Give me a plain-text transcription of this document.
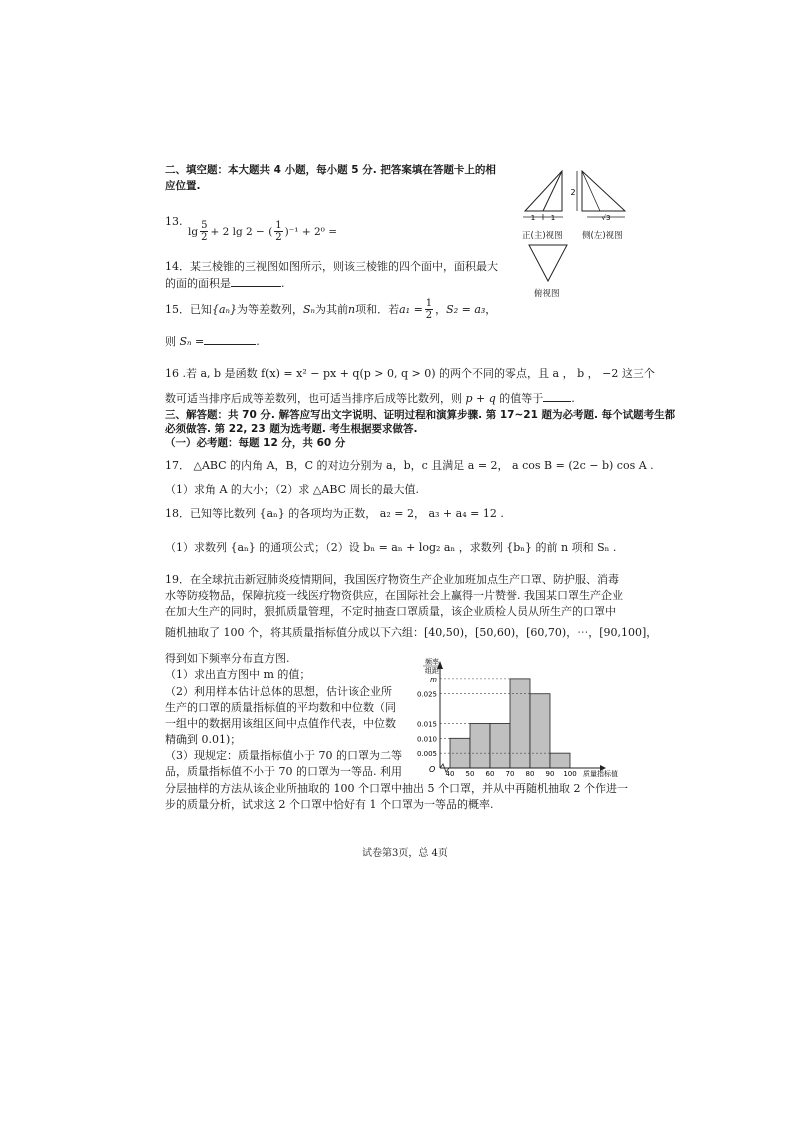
二、填空题：本大题共 4 小题，每小题 5 分. 把答案填在答题卡上的相
应位置.
13.
$\lg \frac{5}{2} + 2$ lg 2 − ( $\frac{1}{2} )^{-1} + 2^0$ =
1 1
2
√3
正(主)视图 侧(左)视图
俯视图
14．某三棱锥的三视图如图所示，则该三棱锥的四个面中，面积最大
的面的面积是	.
15．已知 {aₙ} 为等差数列， Sₙ 为其前 n 项和．若 $a_1 = \frac{1}{2}$ ， S₂ = a₃ ，
则 Sₙ =	.
16 .若 a, b 是函数 f(x) = x² − px + q(p > 0, q > 0) 的两个不同的零点，且 a ， b ， −2 这三个
数可适当排序后成等差数列，也可适当排序后成等比数列，则 p + q 的值等于	.
三、解答题：共 70 分. 解答应写出文字说明、证明过程和演算步骤. 第 17~21 题为必考题. 每个试题考生都
必须做答. 第 22, 23 题为选考题. 考生根据要求做答.
（一）必考题：每题 12 分，共 60 分
17． △ABC 的内角 A，B，C 的对边分别为 a，b，c 且满足 a = 2， a cos B = (2c − b) cos A .
（1）求角 A 的大小；（2）求 △ABC 周长的最大值.
18．已知等比数列 {aₙ} 的各项均为正数， a₂ = 2， a₃ + a₄ = 12 .
（1）求数列 {aₙ} 的通项公式；（2）设 bₙ = aₙ + log₂ aₙ ，求数列 {bₙ} 的前 n 项和 Sₙ .
19．在全球抗击新冠肺炎疫情期间，我国医疗物资生产企业加班加点生产口罩、防护服、消毒
水等防疫物品，保障抗疫一线医疗物资供应，在国际社会上赢得一片赞誉. 我国某口罩生产企业
在加大生产的同时，狠抓质量管理，不定时抽查口罩质量，该企业质检人员从所生产的口罩中
随机抽取了 100 个，将其质量指标值分成以下六组：[40,50)，[50,60)，[60,70)，⋯，[90,100]，
得到如下频率分布直方图.
（1）求出直方图中 m 的值；
（2）利用样本估计总体的思想，估计该企业所
生产的口罩的质量指标值的平均数和中位数（同
一组中的数据用该组区间中点值作代表，中位数
精确到 0.01)；
（3）现规定：质量指标值小于 70 的口罩为二等
品，质量指标值不小于 70 的口罩为一等品. 利用
分层抽样的方法从该企业所抽取的 100 个口罩中抽出 5 个口罩，并从中再随机抽取 2 个作进一
步的质量分析，试求这 2 个口罩中恰好有 1 个口罩为一等品的概率.
O
频率
组距
质量指标值
0.005
0.010
0.015
0.025
m
40 50 60 70 80 90 100
试卷第3页，总 4页
